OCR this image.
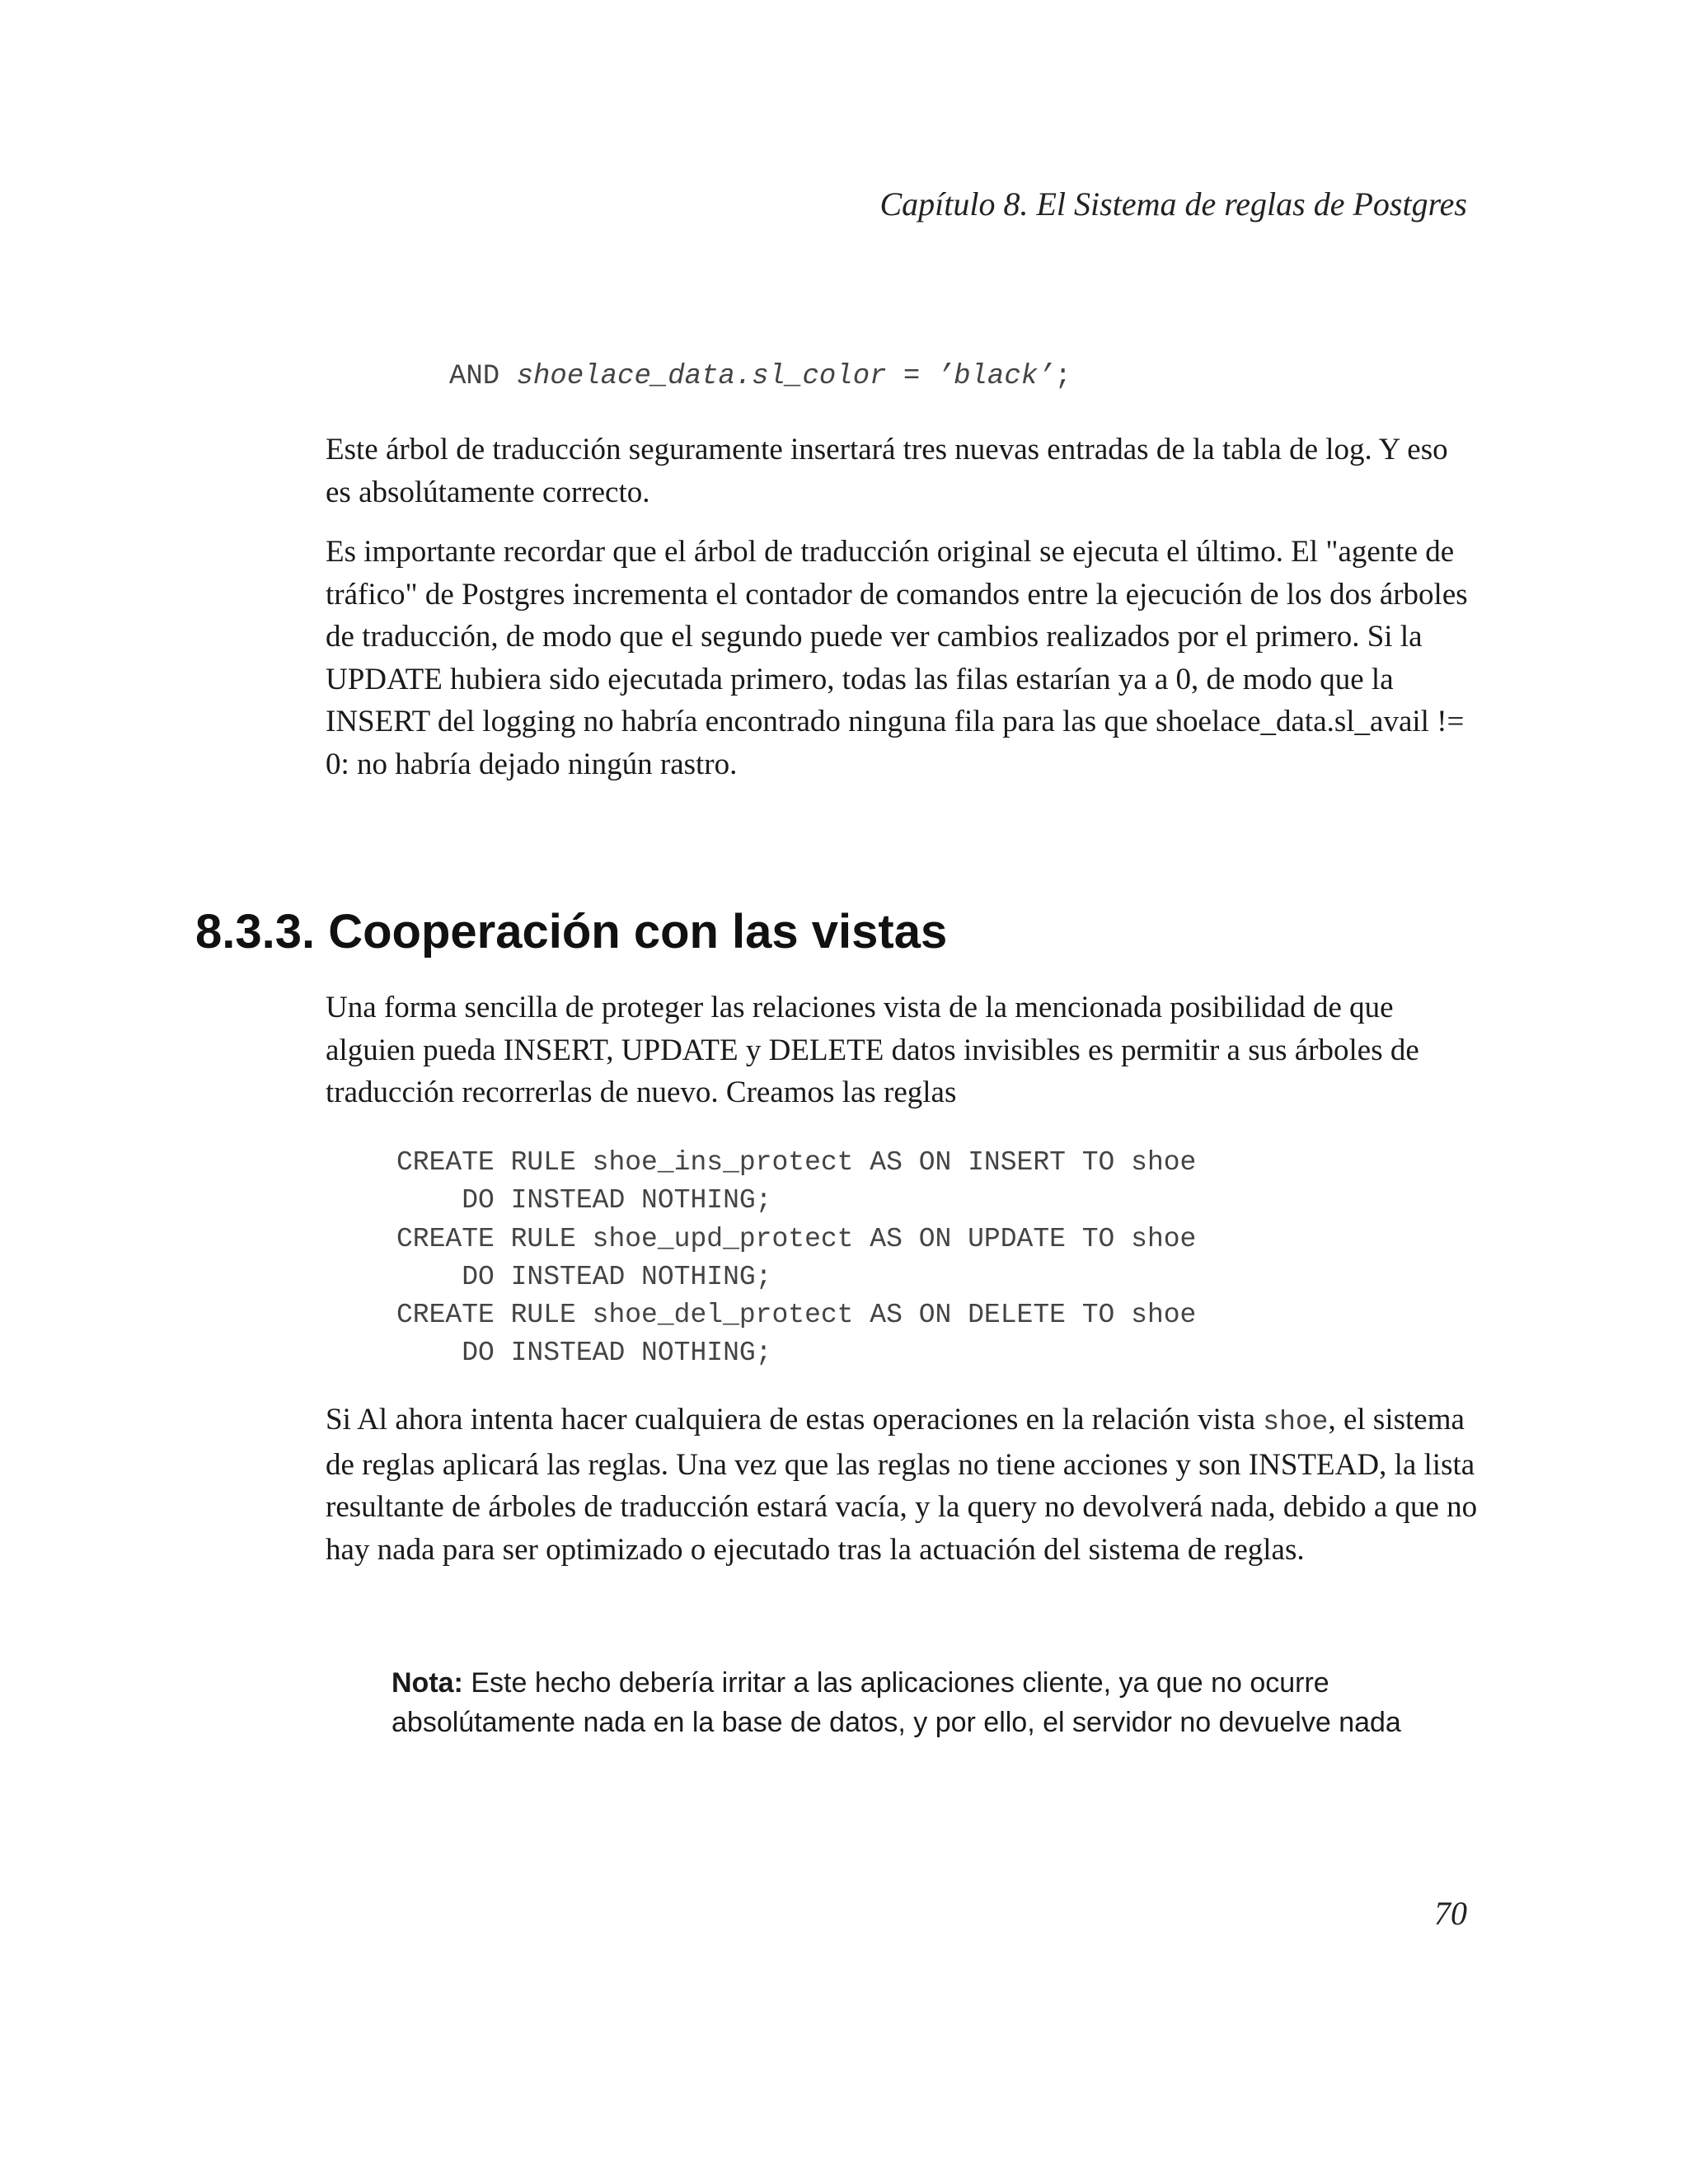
Capítulo 8. El Sistema de reglas de Postgres
AND shoelace_data.sl_color = ’black’;

Este árbol de traducción seguramente insertará tres nuevas entradas de la tabla de log. Y eso es absolútamente correcto.

Es importante recordar que el árbol de traducción original se ejecuta el último. El "agente de tráfico" de Postgres incrementa el contador de comandos entre la ejecución de los dos árboles de traducción, de modo que el segundo puede ver cambios realizados por el primero. Si la UPDATE hubiera sido ejecutada primero, todas las filas estarían ya a 0, de modo que la INSERT del logging no habría encontrado ninguna fila para las que shoelace_data.sl_avail != 0: no habría dejado ningún rastro.

8.3.3. Cooperación con las vistas

Una forma sencilla de proteger las relaciones vista de la mencionada posibilidad de que alguien pueda INSERT, UPDATE y DELETE datos invisibles es permitir a sus árboles de traducción recorrerlas de nuevo. Creamos las reglas

CREATE RULE shoe_ins_protect AS ON INSERT TO shoe
DO INSTEAD NOTHING;
CREATE RULE shoe_upd_protect AS ON UPDATE TO shoe
DO INSTEAD NOTHING;
CREATE RULE shoe_del_protect AS ON DELETE TO shoe
DO INSTEAD NOTHING;

Si Al ahora intenta hacer cualquiera de estas operaciones en la relación vista shoe, el sistema de reglas aplicará las reglas. Una vez que las reglas no tiene acciones y son INSTEAD, la lista resultante de árboles de traducción estará vacía, y la query no devolverá nada, debido a que no hay nada para ser optimizado o ejecutado tras la actuación del sistema de reglas.

Nota: Este hecho debería irritar a las aplicaciones cliente, ya que no ocurre absolútamente nada en la base de datos, y por ello, el servidor no devuelve nada

70
